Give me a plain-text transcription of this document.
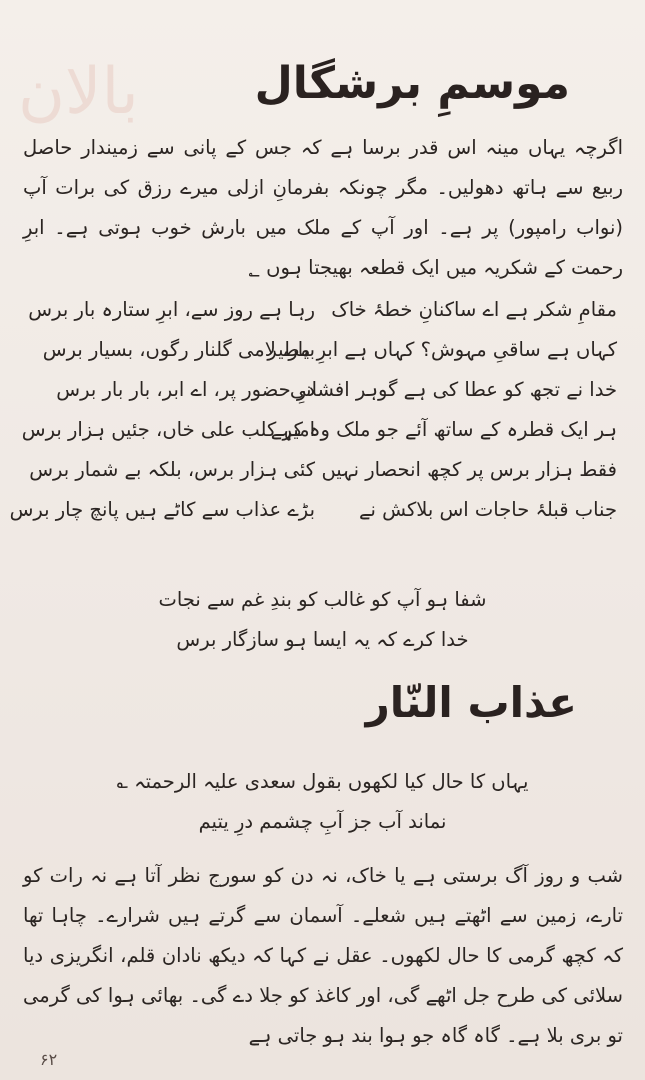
بالان	موسمِ برشگال
اگرچہ یہاں مینہ اس قدر برسا ہے کہ جس کے پانی سے زمیندار حاصل ربیع سے ہاتھ دھولیں۔ مگر چونکہ بفرمانِ ازلی میرے رزق کی برات آپ (نواب رامپور) پر ہے۔ اور آپ کے ملک میں بارش خوب ہوتی ہے۔ ابرِ رحمت کے شکریہ میں ایک قطعہ بھیجتا ہوں ؂
مقامِ شکر ہے اے ساکنانِ خطۂ خاک
رہا ہے روز سے، ابرِ ستارہ بار برس
کہاں ہے ساقیِ مہوش؟ کہاں ہے ابرِ مطیر
بیار، لامی گلنار رگوں، بسیار برس
خدا نے تجھ کو عطا کی ہے گوہر افشانی
درِ حضور پر، اے ابر، بار بار برس
ہر ایک قطرہ کے ساتھ آئے جو ملک وہ کہے
امیر کلب علی خاں، جئیں ہزار برس
فقط ہزار برس پر کچھ انحصار نہیں
کئی ہزار برس، بلکہ بے شمار برس
جناب قبلۂ حاجات اس بلاکش نے
بڑے عذاب سے کاٹے ہیں پانچ چار برس
شفا ہو آپ کو غالب کو بندِ غم سے نجات
خدا کرے کہ یہ ایسا ہو سازگار برس
عذاب النّار
یہاں کا حال کیا لکھوں بقول سعدی علیہ الرحمتہ ؎
نماند آب جز آبِ چشمم درِ یتیم
شب و روز آگ برستی ہے یا خاک، نہ دن کو سورج نظر آتا ہے نہ رات کو تارے، زمین سے اٹھتے ہیں شعلے۔ آسمان سے گرتے ہیں شرارے۔ چاہا تھا کہ کچھ گرمی کا حال لکھوں۔ عقل نے کہا کہ دیکھ نادان قلم، انگریزی دیا سلائی کی طرح جل اٹھے گی، اور کاغذ کو جلا دے گی۔ بھائی ہوا کی گرمی تو بری بلا ہے۔ گاہ گاہ جو ہوا بند ہو جاتی ہے
۶۲
